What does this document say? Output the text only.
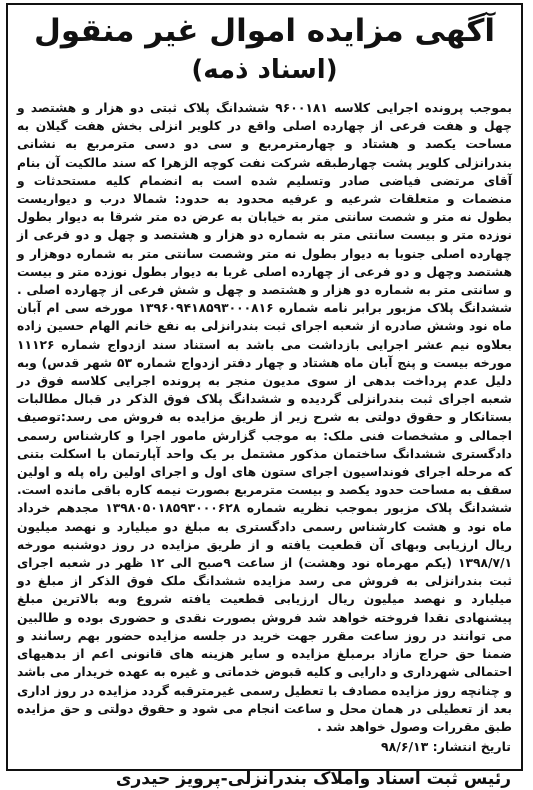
آگهی مزایده اموال غیر منقول
(اسناد ذمه)
بموجب پرونده اجرایی کلاسه ۹۶۰۰۱۸۱ ششدانگ پلاک ثبتی دو هزار و هشتصد و چهل و هفت فرعی از چهارده اصلی واقع در کلویر انزلی بخش هفت گیلان به مساحت یکصد و هشتاد و چهارمترمربع و سی دو دسی مترمربع به نشانی بندرانزلی کلویر پشت چهارطبقه شرکت نفت کوچه الزهرا که سند مالکیت آن بنام آقای مرتضی فیاضی صادر وتسلیم شده است به انضمام کلیه مستحدثات و منضمات و متعلقات شرعیه و عرفیه محدود به حدود: شمالا درب و دیواریست بطول نه متر و شصت سانتی متر به خیابان به عرض ده متر شرقا به دیوار بطول نوزده متر و بیست سانتی متر به شماره دو هزار و هشتصد و چهل و دو فرعی از چهارده اصلی جنوبا به دیوار بطول نه متر وشصت سانتی متر به شماره دوهزار و هشتصد وچهل و دو فرعی از چهارده اصلی غربا به دیوار بطول نوزده متر و بیست و سانتی متر به شماره دو هزار و هشتصد و چهل و شش فرعی از چهارده اصلی . ششدانگ پلاک مزبور برابر نامه شماره ۱۳۹۶۰۹۴۱۸۵۹۳۰۰۰۸۱۶ مورخه سی ام آبان ماه نود وشش صادره از شعبه اجرای ثبت بندرانزلی به نفع خانم الهام حسین زاده بعلاوه نیم عشر اجرایی بازداشت می باشد به استناد سند ازدواج شماره ۱۱۱۲۶ مورخه بیست و پنج آبان ماه هشتاد و چهار دفتر ازدواج شماره ۵۳ شهر قدس) وبه دلیل عدم پرداخت بدهی از سوی مدیون منجر به پرونده اجرایی کلاسه فوق در شعبه اجرای ثبت بندرانزلی گردیده و ششدانگ پلاک فوق الذکر در قبال مطالبات بستانکار و حقوق دولتی به شرح زیر از طریق مزایده به فروش می رسد:توصیف اجمالی و مشخصات فنی ملک: به موجب گزارش مامور اجرا و کارشناس رسمی دادگستری ششدانگ ساختمان مذکور مشتمل بر یک واحد آپارتمان با اسکلت بتنی که مرحله اجرای فونداسیون اجرای ستون های اول و اجرای اولین راه پله و اولین سقف به مساحت حدود یکصد و بیست مترمربع بصورت نیمه کاره باقی مانده است. ششدانگ پلاک مزبور بموجب نظریه شماره ۱۳۹۸۰۵۰۱۸۵۹۳۰۰۰۶۲۸ مجدهم خرداد ماه نود و هشت کارشناس رسمی دادگستری به مبلغ دو میلیارد و نهصد میلیون ریال ارزیابی وبهای آن قطعیت یافته و از طریق مزایده در روز دوشنبه مورخه ۱۳۹۸/۷/۱ (یکم مهرماه نود وهشت) از ساعت ۹صبح الی ۱۲ ظهر در شعبه اجرای ثبت بندرانزلی به فروش می رسد مزایده ششدانگ ملک فوق الذکر از مبلغ دو میلیارد و نهصد میلیون ریال ارزیابی قطعیت یافته شروع وبه بالاترین مبلغ پیشنهادی نقدا فروخته خواهد شد فروش بصورت نقدی و حضوری بوده و طالبین می توانند در روز ساعت مقرر جهت خرید در جلسه مزایده حضور بهم رسانند و ضمنا حق حراج مازاد برمبلغ مزایده و سایر هزینه های قانونی اعم از بدهیهای احتمالی شهرداری و دارایی و کلیه قبوض خدماتی و غیره به عهده خریدار می باشد و چنانچه روز مزایده مصادف با تعطیل رسمی غیرمترقبه گردد مزایده در روز اداری بعد از تعطیلی در همان محل و ساعت انجام می شود و حقوق دولتی و حق مزایده طبق مقررات وصول خواهد شد .
تاریخ انتشار: ۹۸/۶/۱۳
رئیس ثبت اسناد واملاک بندرانزلی-پرویز حیدری
